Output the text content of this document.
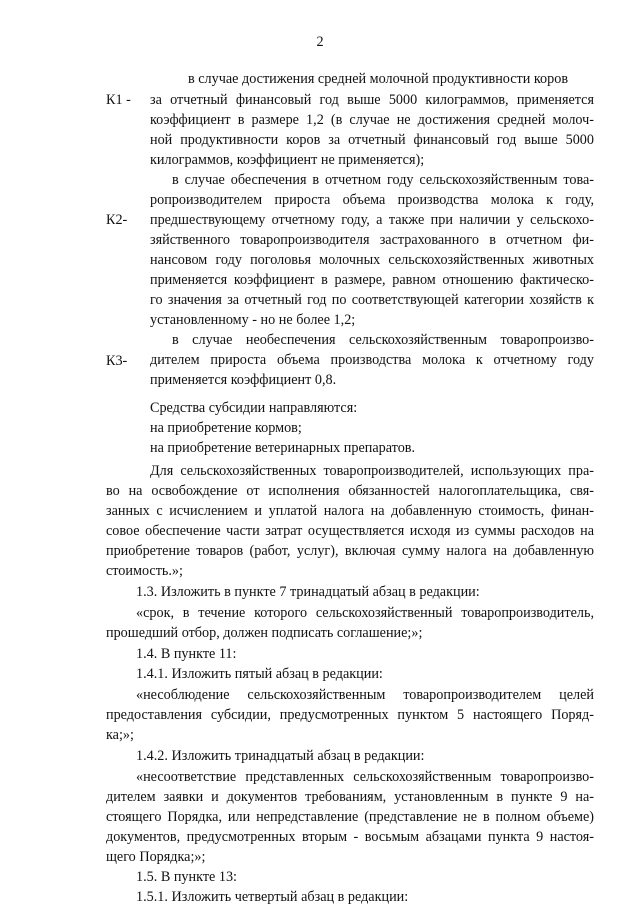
2
К1 -
в случае достижения средней молочной продуктивности коров
за отчетный финансовый год выше 5000 килограммов, применяется
коэффициент в размере 1,2 (в случае не достижения средней молоч-
ной продуктивности коров за отчетный финансовый год выше 5000
килограммов, коэффициент не применяется);
К2-
в случае обеспечения в отчетном году сельскохозяйственным това-
ропроизводителем прироста объема производства молока к году,
предшествующему отчетному году, а также при наличии у сельскохо-
зяйственного товаропроизводителя застрахованного в отчетном фи-
нансовом году поголовья молочных сельскохозяйственных животных
применяется коэффициент в размере, равном отношению фактическо-
го значения за отчетный год по соответствующей категории хозяйств к
установленному - но не более 1,2;
К3-
в случае необеспечения сельскохозяйственным товаропроизво-
дителем прироста объема производства молока к отчетному году
применяется коэффициент 0,8.
Средства субсидии направляются:
на приобретение кормов;
на приобретение ветеринарных препаратов.
Для сельскохозяйственных товаропроизводителей, использующих пра-
во на освобождение от исполнения обязанностей налогоплательщика, свя-
занных с исчислением и уплатой налога на добавленную стоимость, финан-
совое обеспечение части затрат осуществляется исходя из суммы расходов на
приобретение товаров (работ, услуг), включая сумму налога на добавленную
стоимость.»;
1.3. Изложить в пункте 7 тринадцатый абзац в редакции:
«срок, в течение которого сельскохозяйственный товаропроизводитель,
прошедший отбор, должен подписать соглашение;»;
1.4. В пункте 11:
1.4.1. Изложить пятый абзац в редакции:
«несоблюдение сельскохозяйственным товаропроизводителем целей
предоставления субсидии, предусмотренных пунктом 5 настоящего Поряд-
ка;»;
1.4.2. Изложить тринадцатый абзац в редакции:
«несоответствие представленных сельскохозяйственным товаропроизво-
дителем заявки и документов требованиям, установленным в пункте 9 на-
стоящего Порядка, или непредставление (представление не в полном объеме)
документов, предусмотренных вторым - восьмым абзацами пункта 9 настоя-
щего Порядка;»;
1.5. В пункте 13:
1.5.1. Изложить четвертый абзац в редакции:
